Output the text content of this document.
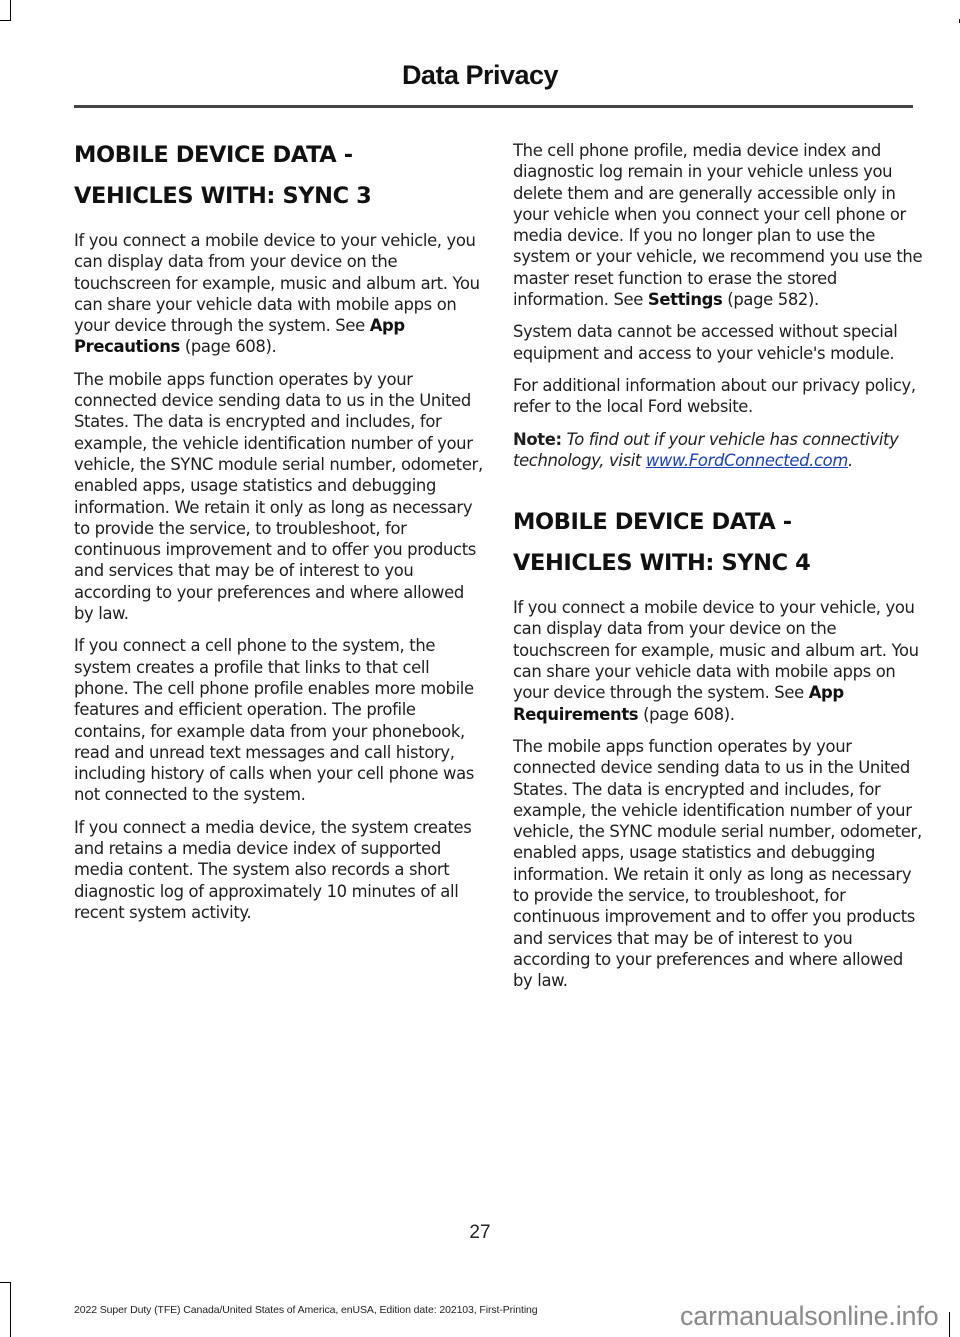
Data Privacy
MOBILE DEVICE DATA -
VEHICLES WITH: SYNC 3

If you connect a mobile device to your vehicle, you can display data from your device on the touchscreen for example, music and album art. You can share your vehicle data with mobile apps on your device through the system. See App Precautions (page 608).

The mobile apps function operates by your connected device sending data to us in the United States. The data is encrypted and includes, for example, the vehicle identification number of your vehicle, the SYNC module serial number, odometer, enabled apps, usage statistics and debugging information. We retain it only as long as necessary to provide the service, to troubleshoot, for continuous improvement and to offer you products and services that may be of interest to you according to your preferences and where allowed by law.

If you connect a cell phone to the system, the system creates a profile that links to that cell phone. The cell phone profile enables more mobile features and efficient operation. The profile contains, for example data from your phonebook, read and unread text messages and call history, including history of calls when your cell phone was not connected to the system.

If you connect a media device, the system creates and retains a media device index of supported media content. The system also records a short diagnostic log of approximately 10 minutes of all recent system activity.

The cell phone profile, media device index and diagnostic log remain in your vehicle unless you delete them and are generally accessible only in your vehicle when you connect your cell phone or media device. If you no longer plan to use the system or your vehicle, we recommend you use the master reset function to erase the stored information. See Settings (page 582).

System data cannot be accessed without special equipment and access to your vehicle's module.

For additional information about our privacy policy, refer to the local Ford website.

Note: To find out if your vehicle has connectivity technology, visit www.FordConnected.com.

MOBILE DEVICE DATA -
VEHICLES WITH: SYNC 4

If you connect a mobile device to your vehicle, you can display data from your device on the touchscreen for example, music and album art. You can share your vehicle data with mobile apps on your device through the system. See App Requirements (page 608).

The mobile apps function operates by your connected device sending data to us in the United States. The data is encrypted and includes, for example, the vehicle identification number of your vehicle, the SYNC module serial number, odometer, enabled apps, usage statistics and debugging information. We retain it only as long as necessary to provide the service, to troubleshoot, for continuous improvement and to offer you products and services that may be of interest to you according to your preferences and where allowed by law.

27
2022 Super Duty (TFE) Canada/United States of America, enUSA, Edition date: 202103, First-Printing	carmanualsonline.info
